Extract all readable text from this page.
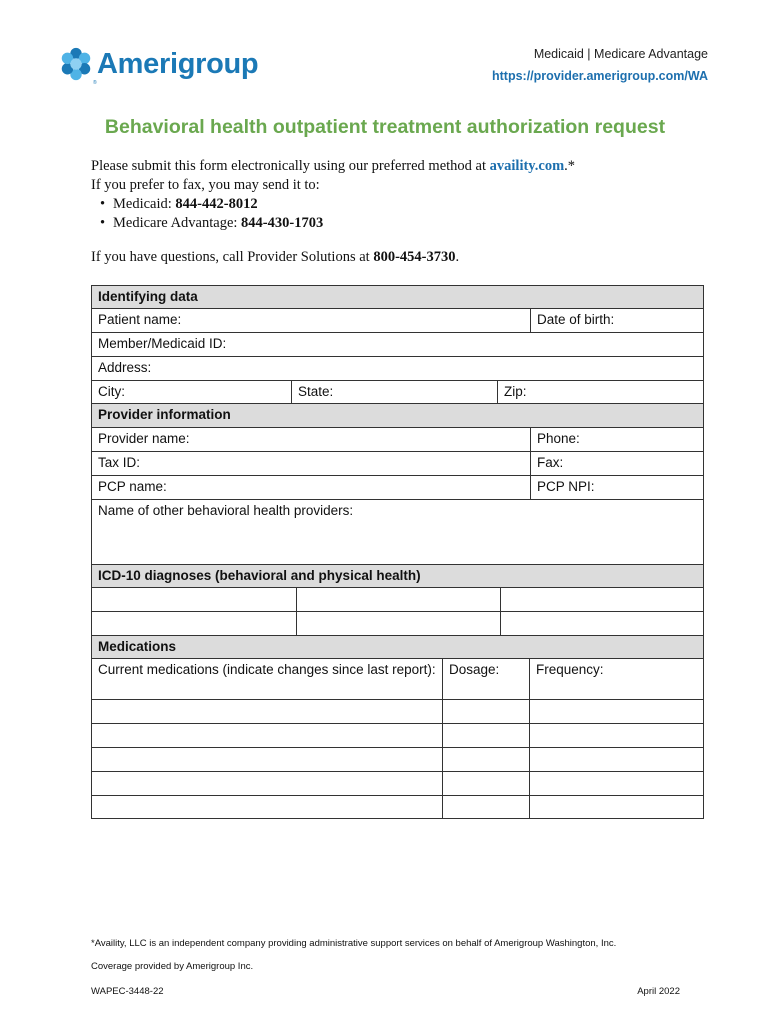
®
Amerigroup	Medicaid | Medicare Advantage
https://provider.amerigroup.com/WA
Behavioral health outpatient treatment authorization request
Please submit this form electronically using our preferred method at availity.com.*
If you prefer to fax, you may send it to:
• Medicaid: 844-442-8012
• Medicare Advantage: 844-430-1703
If you have questions, call Provider Solutions at 800-454-3730.
Identifying data
Patient name:	Date of birth:
Member/Medicaid ID:
Address:
City:	State:	Zip:
Provider information
Provider name:	Phone:
Tax ID:	Fax:
PCP name:	PCP NPI:
Name of other behavioral health providers:
ICD-10 diagnoses (behavioral and physical health)
Medications
Current medications (indicate changes since last report): Dosage:	Frequency:
*Availity, LLC is an independent company providing administrative support services on behalf of Amerigroup Washington, Inc.
Coverage provided by Amerigroup Inc.
WAPEC-3448-22	April 2022
